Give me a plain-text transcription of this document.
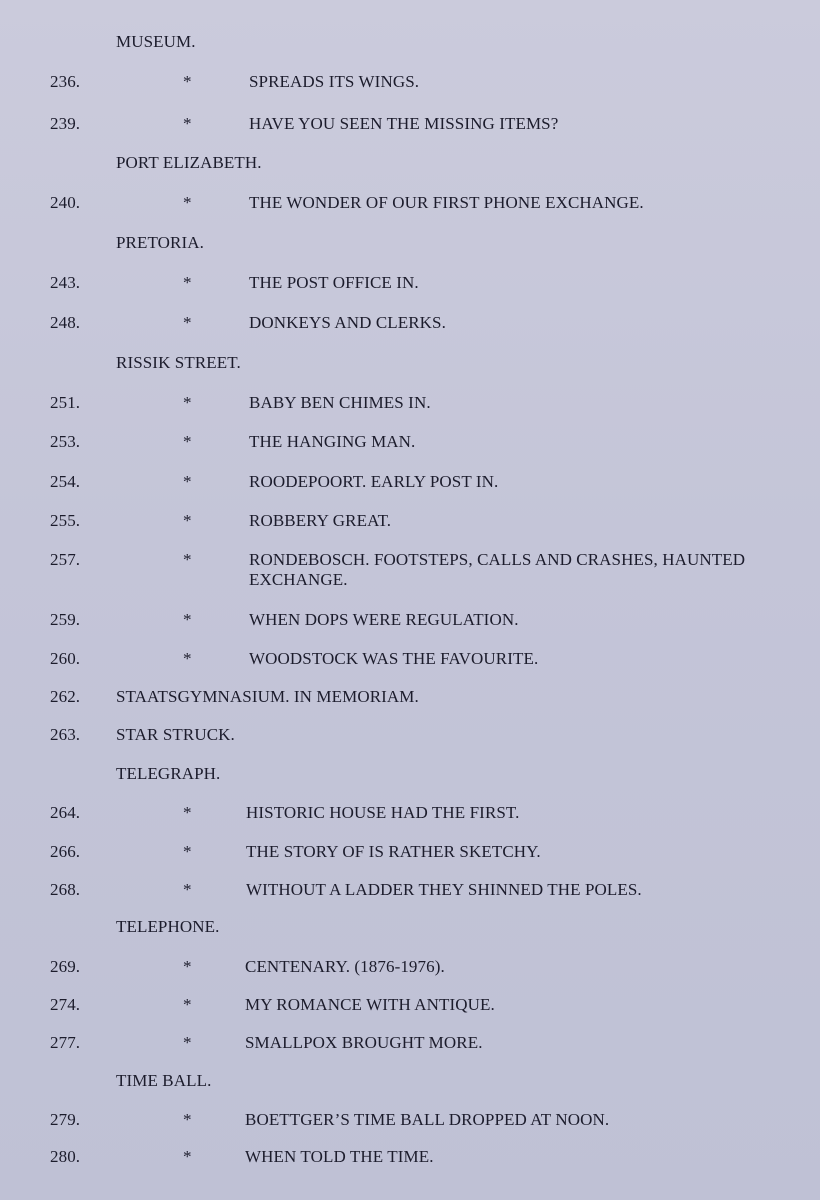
MUSEUM.
236.	*	SPREADS ITS WINGS.
239.	*	HAVE YOU SEEN THE MISSING ITEMS?
PORT ELIZABETH.
240.	*	THE WONDER OF OUR FIRST PHONE EXCHANGE.
PRETORIA.
243.	*	THE POST OFFICE IN.
248.	*	DONKEYS AND CLERKS.
RISSIK STREET.
251.	*	BABY BEN CHIMES IN.
253.	*	THE HANGING MAN.
254.	*	ROODEPOORT. EARLY POST IN.
255.	*	ROBBERY GREAT.
257.	*	RONDEBOSCH. FOOTSTEPS, CALLS AND CRASHES, HAUNTED EXCHANGE.
259.	*	WHEN DOPS WERE REGULATION.
260.	*	WOODSTOCK WAS THE FAVOURITE.
262. STAATSGYMNASIUM. IN MEMORIAM.
263. STAR STRUCK.
TELEGRAPH.
264.	*	HISTORIC HOUSE HAD THE FIRST.
266.	*	THE STORY OF IS RATHER SKETCHY.
268.	*	WITHOUT A LADDER THEY SHINNED THE POLES.
TELEPHONE.
269.	*	CENTENARY. (1876-1976).
274.	*	MY ROMANCE WITH ANTIQUE.
277.	*	SMALLPOX BROUGHT MORE.
TIME BALL.
279.	*	BOETTGER’S TIME BALL DROPPED AT NOON.
280.	*	WHEN TOLD THE TIME.
